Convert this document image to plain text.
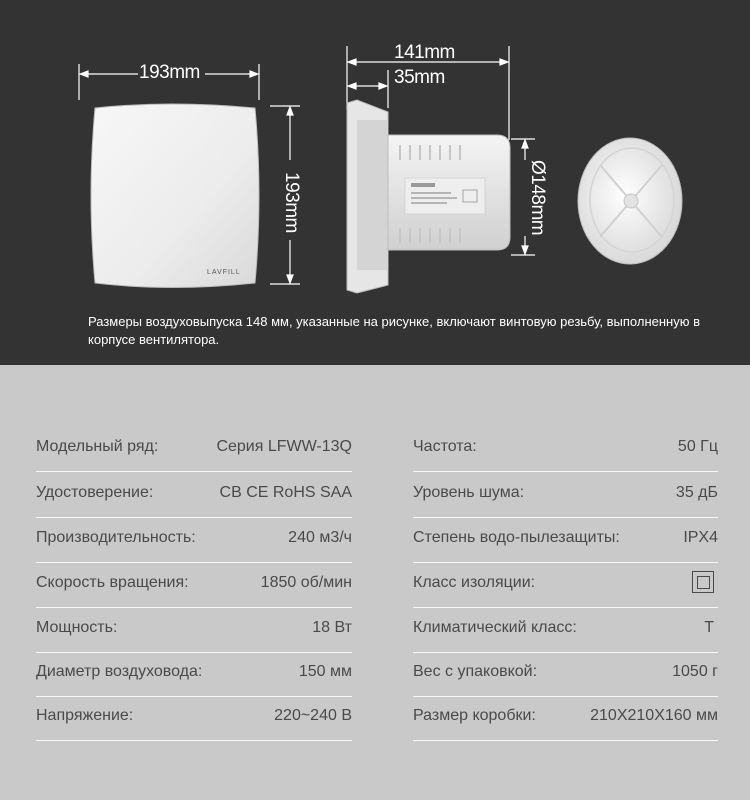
193mm
193mm
141mm
35mm
Ø148mm
LAVFILL

Размеры воздуховыпуска 148 мм, указанные на рисунке, включают винтовую резьбу, выполненную в корпусе вентилятора.

Модельный ряд:	Серия LFWW-13Q
Удостоверение:	CB CE RoHS SAA
Производительность:	240 м3/ч
Скорость вращения:	1850 об/мин
Мощность:	18 Вт
Диаметр воздуховода:	150 мм
Напряжение:	220~240 В
Частота:	50 Гц
Уровень шума:	35 дБ
Степень водо-пылезащиты:	IPX4
Класс изоляции:
Климатический класс:	T
Вес с упаковкой:	1050 г
Размер коробки:	210X210X160 мм
